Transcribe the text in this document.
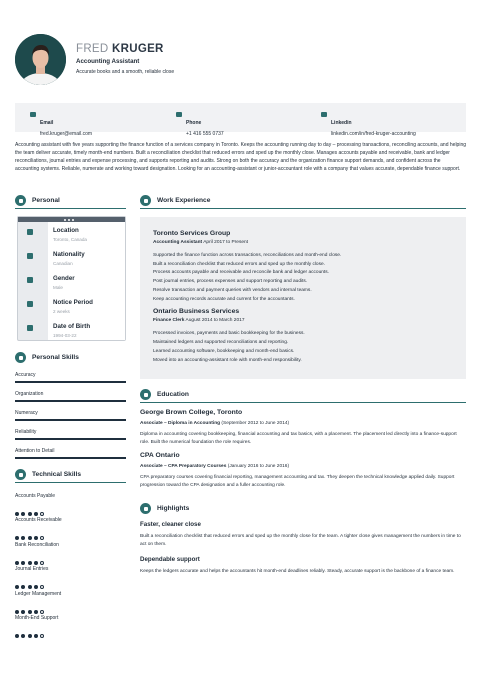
FRED KRUGER
Accounting Assistant
Accurate books and a smooth, reliable close
Email
fred.kruger@email.com
Phone
+1 416 555 0737
Linkedin
linkedin.com/in/fred-kruger-accounting
Accounting assistant with five years supporting the finance function of a services company in Toronto. Keeps the accounting running day to day – processing transactions, reconciling accounts, and helping the team deliver accurate, timely month-end numbers. Built a reconciliation checklist that reduced errors and sped up the monthly close. Manages accounts payable and receivable, bank and ledger reconciliations, journal entries and expense processing, and supports reporting and audits. Strong on both the accuracy and the organization finance support demands, and confident across the accounting systems. Reliable, numerate and working toward designation. Looking for an accounting-assistant or junior-accountant role with a company that values accurate, dependable finance support.
Personal
Location
Toronto, Canada
Nationality
Canadian
Gender
Male
Notice Period
2 weeks
Date of Birth
1994-03-22
Personal Skills
Accuracy
Organization
Numeracy
Reliability
Attention to Detail
Technical Skills
Accounts Payable
Accounts Receivable
Bank Reconciliation
Journal Entries
Ledger Management
Month-End Support
Work Experience
Toronto Services Group
Accounting Assistant April 2017 to Present
Supported the finance function across transactions, reconciliations and month-end close.
Built a reconciliation checklist that reduced errors and sped up the monthly close.
Process accounts payable and receivable and reconcile bank and ledger accounts.
Post journal entries, process expenses and support reporting and audits.
Resolve transaction and payment queries with vendors and internal teams.
Keep accounting records accurate and current for the accountants.
Ontario Business Services
Finance Clerk August 2014 to March 2017
Processed invoices, payments and basic bookkeeping for the business.
Maintained ledgers and supported reconciliations and reporting.
Learned accounting software, bookkeeping and month-end basics.
Moved into an accounting-assistant role with month-end responsibility.
Education
George Brown College, Toronto
Associate – Diploma in Accounting (September 2012 to June 2014)
Diploma in accounting covering bookkeeping, financial accounting and tax basics, with a placement. The placement led directly into a finance-support role. Built the numerical foundation the role requires.
CPA Ontario
Associate – CPA Preparatory Courses (January 2016 to June 2016)
CPA preparatory courses covering financial reporting, management accounting and tax. They deepen the technical knowledge applied daily. Support progression toward the CPA designation and a fuller accounting role.
Highlights
Faster, cleaner close
Built a reconciliation checklist that reduced errors and sped up the monthly close for the team. A tighter close gives management the numbers in time to act on them.
Dependable support
Keeps the ledgers accurate and helps the accountants hit month-end deadlines reliably. Steady, accurate support is the backbone of a finance team.
